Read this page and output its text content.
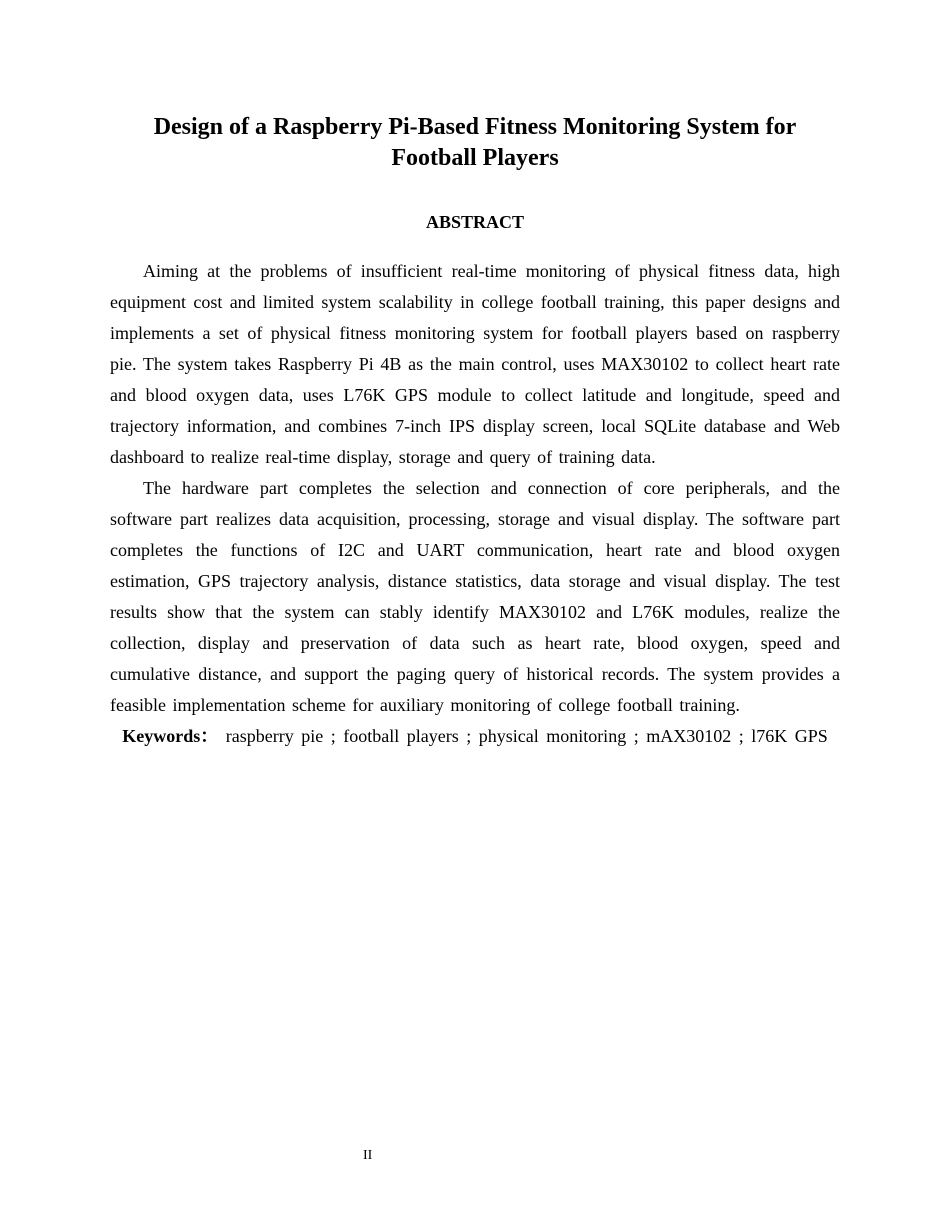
Design of a Raspberry Pi-Based Fitness Monitoring System for Football Players
ABSTRACT

Aiming at the problems of insufficient real-time monitoring of physical fitness data, high equipment cost and limited system scalability in college football training, this paper designs and implements a set of physical fitness monitoring system for football players based on raspberry pie. The system takes Raspberry Pi 4B as the main control, uses MAX30102 to collect heart rate and blood oxygen data, uses L76K GPS module to collect latitude and longitude, speed and trajectory information, and combines 7-inch IPS display screen, local SQLite database and Web dashboard to realize real-time display, storage and query of training data.

The hardware part completes the selection and connection of core peripherals, and the software part realizes data acquisition, processing, storage and visual display. The software part completes the functions of I2C and UART communication, heart rate and blood oxygen estimation, GPS trajectory analysis, distance statistics, data storage and visual display. The test results show that the system can stably identify MAX30102 and L76K modules, realize the collection, display and preservation of data such as heart rate, blood oxygen, speed and cumulative distance, and support the paging query of historical records. The system provides a feasible implementation scheme for auxiliary monitoring of college football training.

Keywords： raspberry pie ; football players ; physical monitoring ; mAX30102 ; l76K GPS

II
